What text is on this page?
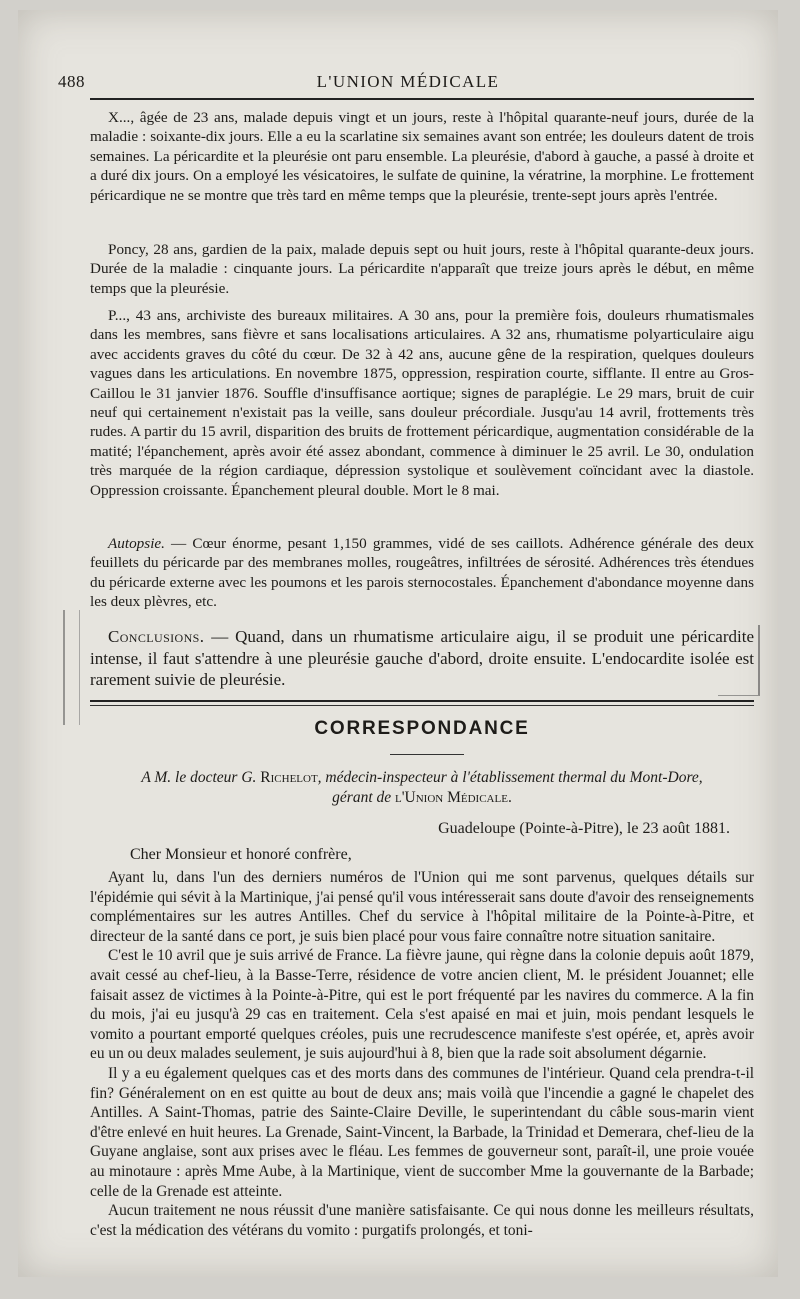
488	L'UNION MÉDICALE

X..., âgée de 23 ans, malade depuis vingt et un jours, reste à l'hôpital quarante-neuf jours, durée de la maladie : soixante-dix jours. Elle a eu la scarlatine six semaines avant son entrée; les douleurs datent de trois semaines. La péricardite et la pleurésie ont paru ensemble. La pleurésie, d'abord à gauche, a passé à droite et a duré dix jours. On a employé les vésicatoires, le sulfate de quinine, la vératrine, la morphine. Le frottement péricardique ne se montre que très tard en même temps que la pleurésie, trente-sept jours après l'entrée.

Poncy, 28 ans, gardien de la paix, malade depuis sept ou huit jours, reste à l'hôpital quarante-deux jours. Durée de la maladie : cinquante jours. La péricardite n'apparaît que treize jours après le début, en même temps que la pleurésie.

P..., 43 ans, archiviste des bureaux militaires. A 30 ans, pour la première fois, douleurs rhumatismales dans les membres, sans fièvre et sans localisations articulaires. A 32 ans, rhumatisme polyarticulaire aigu avec accidents graves du côté du cœur. De 32 à 42 ans, aucune gêne de la respiration, quelques douleurs vagues dans les articulations. En novembre 1875, oppression, respiration courte, sifflante. Il entre au Gros-Caillou le 31 janvier 1876. Souffle d'insuffisance aortique; signes de paraplégie. Le 29 mars, bruit de cuir neuf qui certainement n'existait pas la veille, sans douleur précordiale. Jusqu'au 14 avril, frottements très rudes. A partir du 15 avril, disparition des bruits de frottement péricardique, augmentation considérable de la matité; l'épanchement, après avoir été assez abondant, commence à diminuer le 25 avril. Le 30, ondulation très marquée de la région cardiaque, dépression systolique et soulèvement coïncidant avec la diastole. Oppression croissante. Épanchement pleural double. Mort le 8 mai.

Autopsie. — Cœur énorme, pesant 1,150 grammes, vidé de ses caillots. Adhérence générale des deux feuillets du péricarde par des membranes molles, rougeâtres, infiltrées de sérosité. Adhérences très étendues du péricarde externe avec les poumons et les parois sternocostales. Épanchement d'abondance moyenne dans les deux plèvres, etc.

Conclusions. — Quand, dans un rhumatisme articulaire aigu, il se produit une péricardite intense, il faut s'attendre à une pleurésie gauche d'abord, droite ensuite. L'endocardite isolée est rarement suivie de pleurésie.

CORRESPONDANCE
A M. le docteur G. Richelot, médecin-inspecteur à l'établissement thermal du Mont-Dore,
gérant de l'Union Médicale.
Guadeloupe (Pointe-à-Pitre), le 23 août 1881.
Cher Monsieur et honoré confrère,

Ayant lu, dans l'un des derniers numéros de l'Union qui me sont parvenus, quelques détails sur l'épidémie qui sévit à la Martinique, j'ai pensé qu'il vous intéresserait sans doute d'avoir des renseignements complémentaires sur les autres Antilles. Chef du service à l'hôpital militaire de la Pointe-à-Pitre, et directeur de la santé dans ce port, je suis bien placé pour vous faire connaître notre situation sanitaire.

C'est le 10 avril que je suis arrivé de France. La fièvre jaune, qui règne dans la colonie depuis août 1879, avait cessé au chef-lieu, à la Basse-Terre, résidence de votre ancien client, M. le président Jouannet; elle faisait assez de victimes à la Pointe-à-Pitre, qui est le port fréquenté par les navires du commerce. A la fin du mois, j'ai eu jusqu'à 29 cas en traitement. Cela s'est apaisé en mai et juin, mois pendant lesquels le vomito a pourtant emporté quelques créoles, puis une recrudescence manifeste s'est opérée, et, après avoir eu un ou deux malades seulement, je suis aujourd'hui à 8, bien que la rade soit absolument dégarnie.

Il y a eu également quelques cas et des morts dans des communes de l'intérieur. Quand cela prendra-t-il fin? Généralement on en est quitte au bout de deux ans; mais voilà que l'incendie a gagné le chapelet des Antilles. A Saint-Thomas, patrie des Sainte-Claire Deville, le superintendant du câble sous-marin vient d'être enlevé en huit heures. La Grenade, Saint-Vincent, la Barbade, la Trinidad et Demerara, chef-lieu de la Guyane anglaise, sont aux prises avec le fléau. Les femmes de gouverneur sont, paraît-il, une proie vouée au minotaure : après Mme Aube, à la Martinique, vient de succomber Mme la gouvernante de la Barbade; celle de la Grenade est atteinte.

Aucun traitement ne nous réussit d'une manière satisfaisante. Ce qui nous donne les meilleurs résultats, c'est la médication des vétérans du vomito : purgatifs prolongés, et toni-
